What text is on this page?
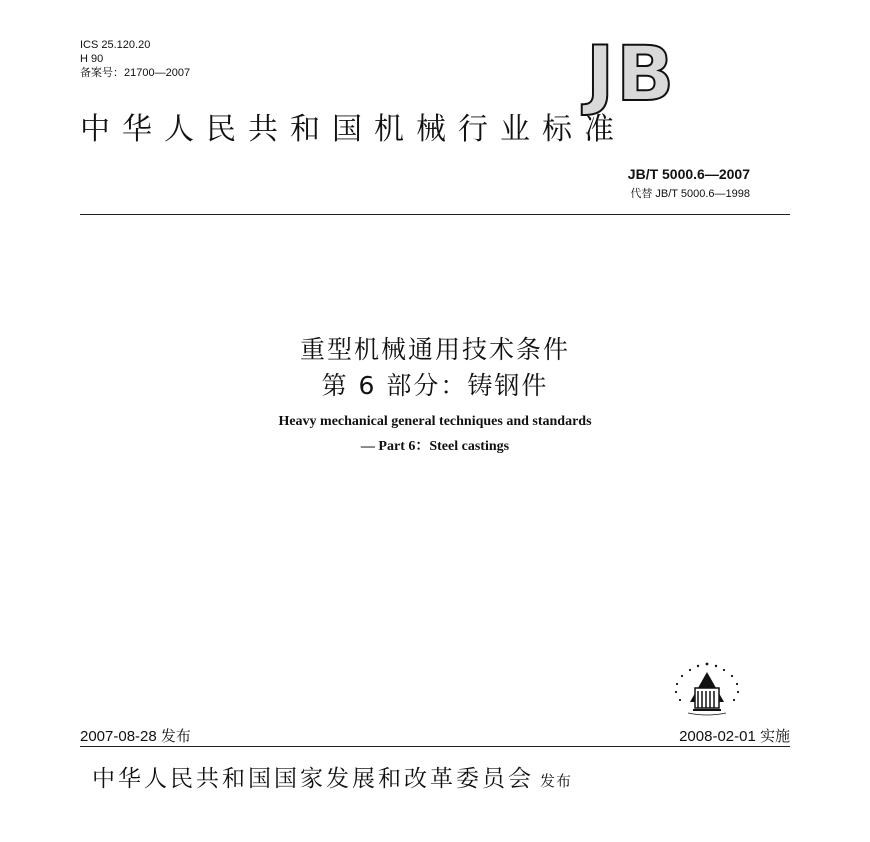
ICS 25.120.20
H 90
备案号：21700—2007	JB
中华人民共和国机械行业标准
JB/T 5000.6—2007
代替 JB/T 5000.6—1998
重型机械通用技术条件
第 6 部分：铸钢件
Heavy mechanical general techniques and standards
— Part 6：Steel castings
2007-08-28 发布	2008-02-01 实施
中华人民共和国国家发展和改革委员会 发布
